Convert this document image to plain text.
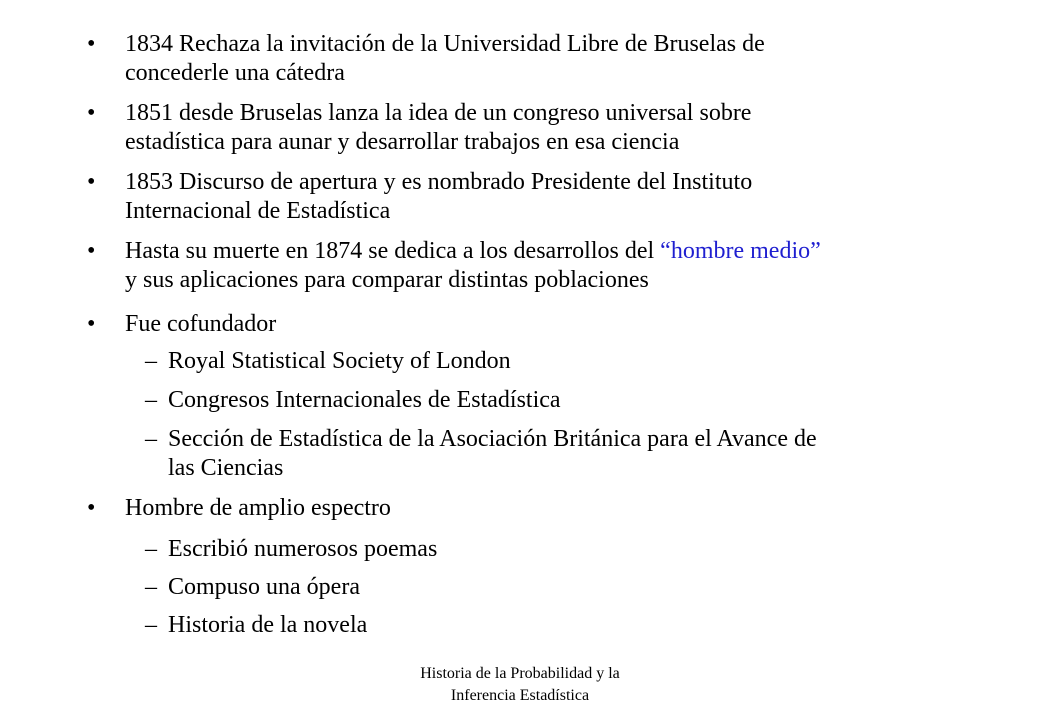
• 1834 Rechaza la invitación de la Universidad Libre de Bruselas de
concederle una cátedra
• 1851 desde Bruselas lanza la idea de un congreso universal sobre
estadística para aunar y desarrollar trabajos en esa ciencia
• 1853 Discurso de apertura y es nombrado Presidente del Instituto
Internacional de Estadística
• Hasta su muerte en 1874 se dedica a los desarrollos del “hombre medio”
y sus aplicaciones para comparar distintas poblaciones
• Fue cofundador
– Royal Statistical Society of London
– Congresos Internacionales de Estadística
– Sección de Estadística de la Asociación Británica para el Avance de
las Ciencias
• Hombre de amplio espectro
– Escribió numerosos poemas
– Compuso una ópera
– Historia de la novela
Historia de la Probabilidad y la
Inferencia Estadística
